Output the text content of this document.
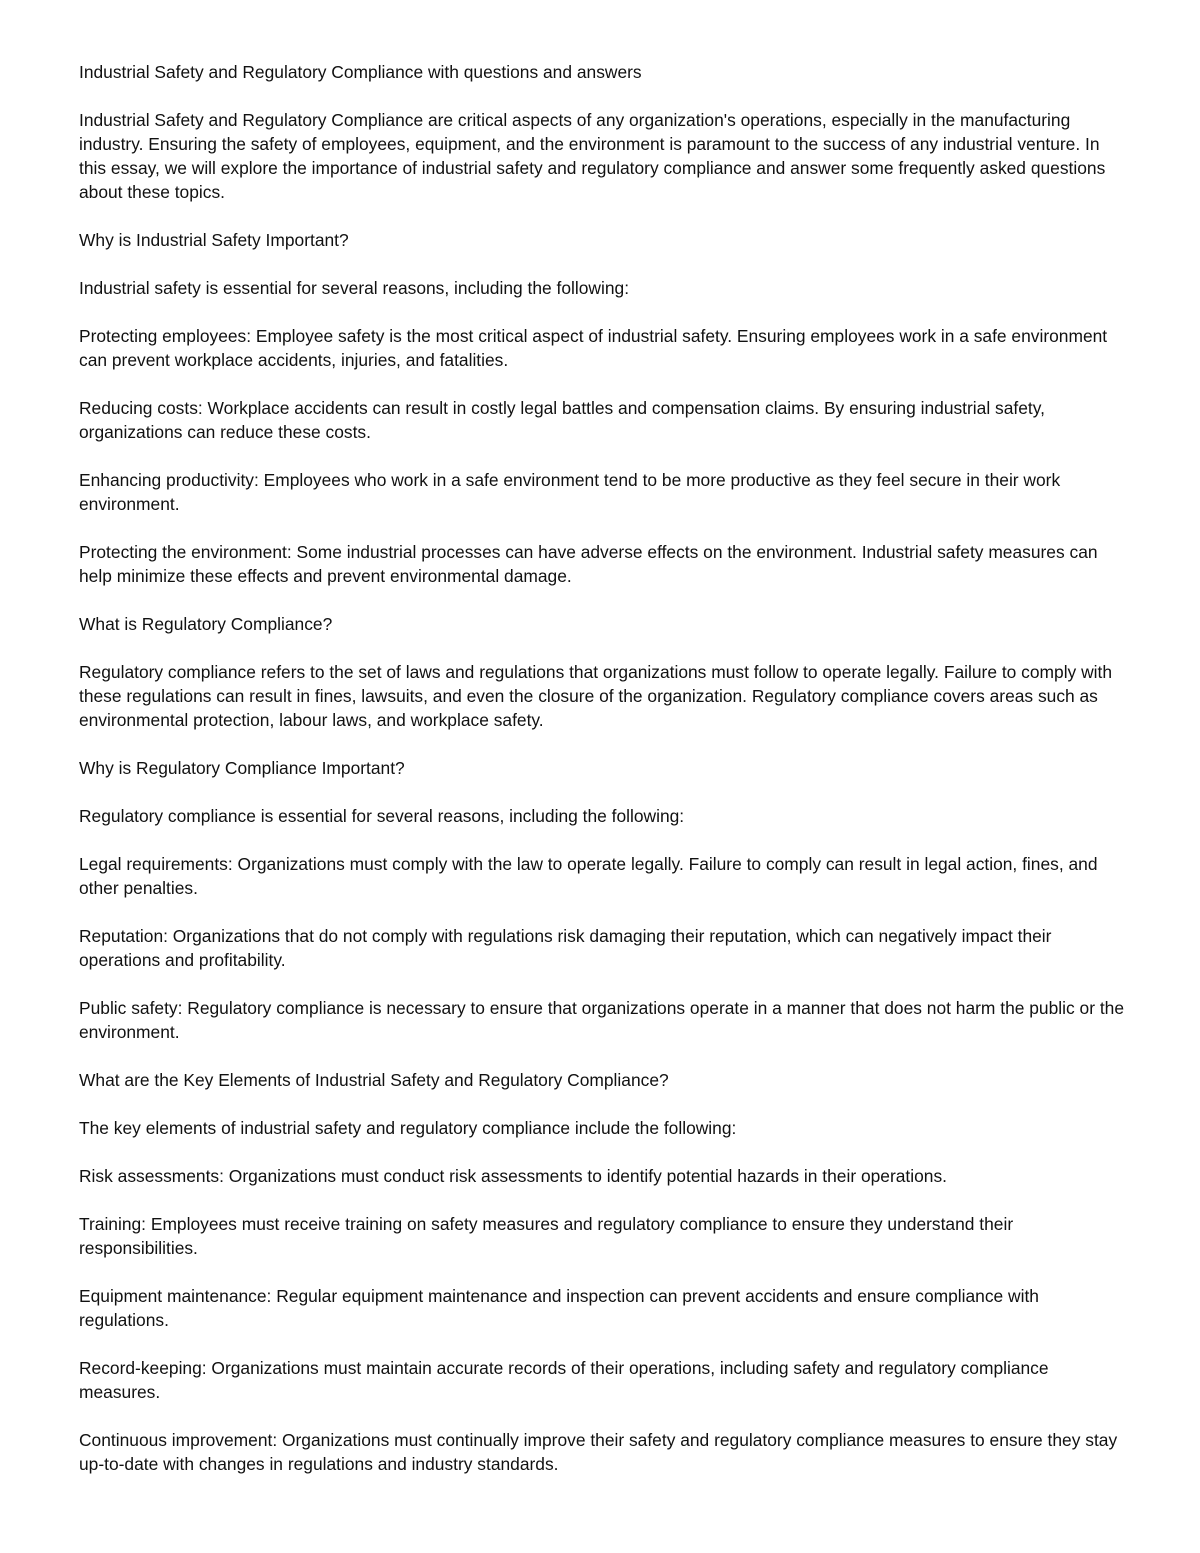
Industrial Safety and Regulatory Compliance with questions and answers

Industrial Safety and Regulatory Compliance are critical aspects of any organization's operations, especially in the manufacturing industry. Ensuring the safety of employees, equipment, and the environment is paramount to the success of any industrial venture. In this essay, we will explore the importance of industrial safety and regulatory compliance and answer some frequently asked questions about these topics.

Why is Industrial Safety Important?

Industrial safety is essential for several reasons, including the following:

Protecting employees: Employee safety is the most critical aspect of industrial safety. Ensuring employees work in a safe environment can prevent workplace accidents, injuries, and fatalities.

Reducing costs: Workplace accidents can result in costly legal battles and compensation claims. By ensuring industrial safety, organizations can reduce these costs.

Enhancing productivity: Employees who work in a safe environment tend to be more productive as they feel secure in their work environment.

Protecting the environment: Some industrial processes can have adverse effects on the environment. Industrial safety measures can help minimize these effects and prevent environmental damage.

What is Regulatory Compliance?

Regulatory compliance refers to the set of laws and regulations that organizations must follow to operate legally. Failure to comply with these regulations can result in fines, lawsuits, and even the closure of the organization. Regulatory compliance covers areas such as environmental protection, labour laws, and workplace safety.

Why is Regulatory Compliance Important?

Regulatory compliance is essential for several reasons, including the following:

Legal requirements: Organizations must comply with the law to operate legally. Failure to comply can result in legal action, fines, and other penalties.

Reputation: Organizations that do not comply with regulations risk damaging their reputation, which can negatively impact their operations and profitability.

Public safety: Regulatory compliance is necessary to ensure that organizations operate in a manner that does not harm the public or the environment.

What are the Key Elements of Industrial Safety and Regulatory Compliance?

The key elements of industrial safety and regulatory compliance include the following:

Risk assessments: Organizations must conduct risk assessments to identify potential hazards in their operations.

Training: Employees must receive training on safety measures and regulatory compliance to ensure they understand their responsibilities.

Equipment maintenance: Regular equipment maintenance and inspection can prevent accidents and ensure compliance with regulations.

Record-keeping: Organizations must maintain accurate records of their operations, including safety and regulatory compliance measures.

Continuous improvement: Organizations must continually improve their safety and regulatory compliance measures to ensure they stay up-to-date with changes in regulations and industry standards.
